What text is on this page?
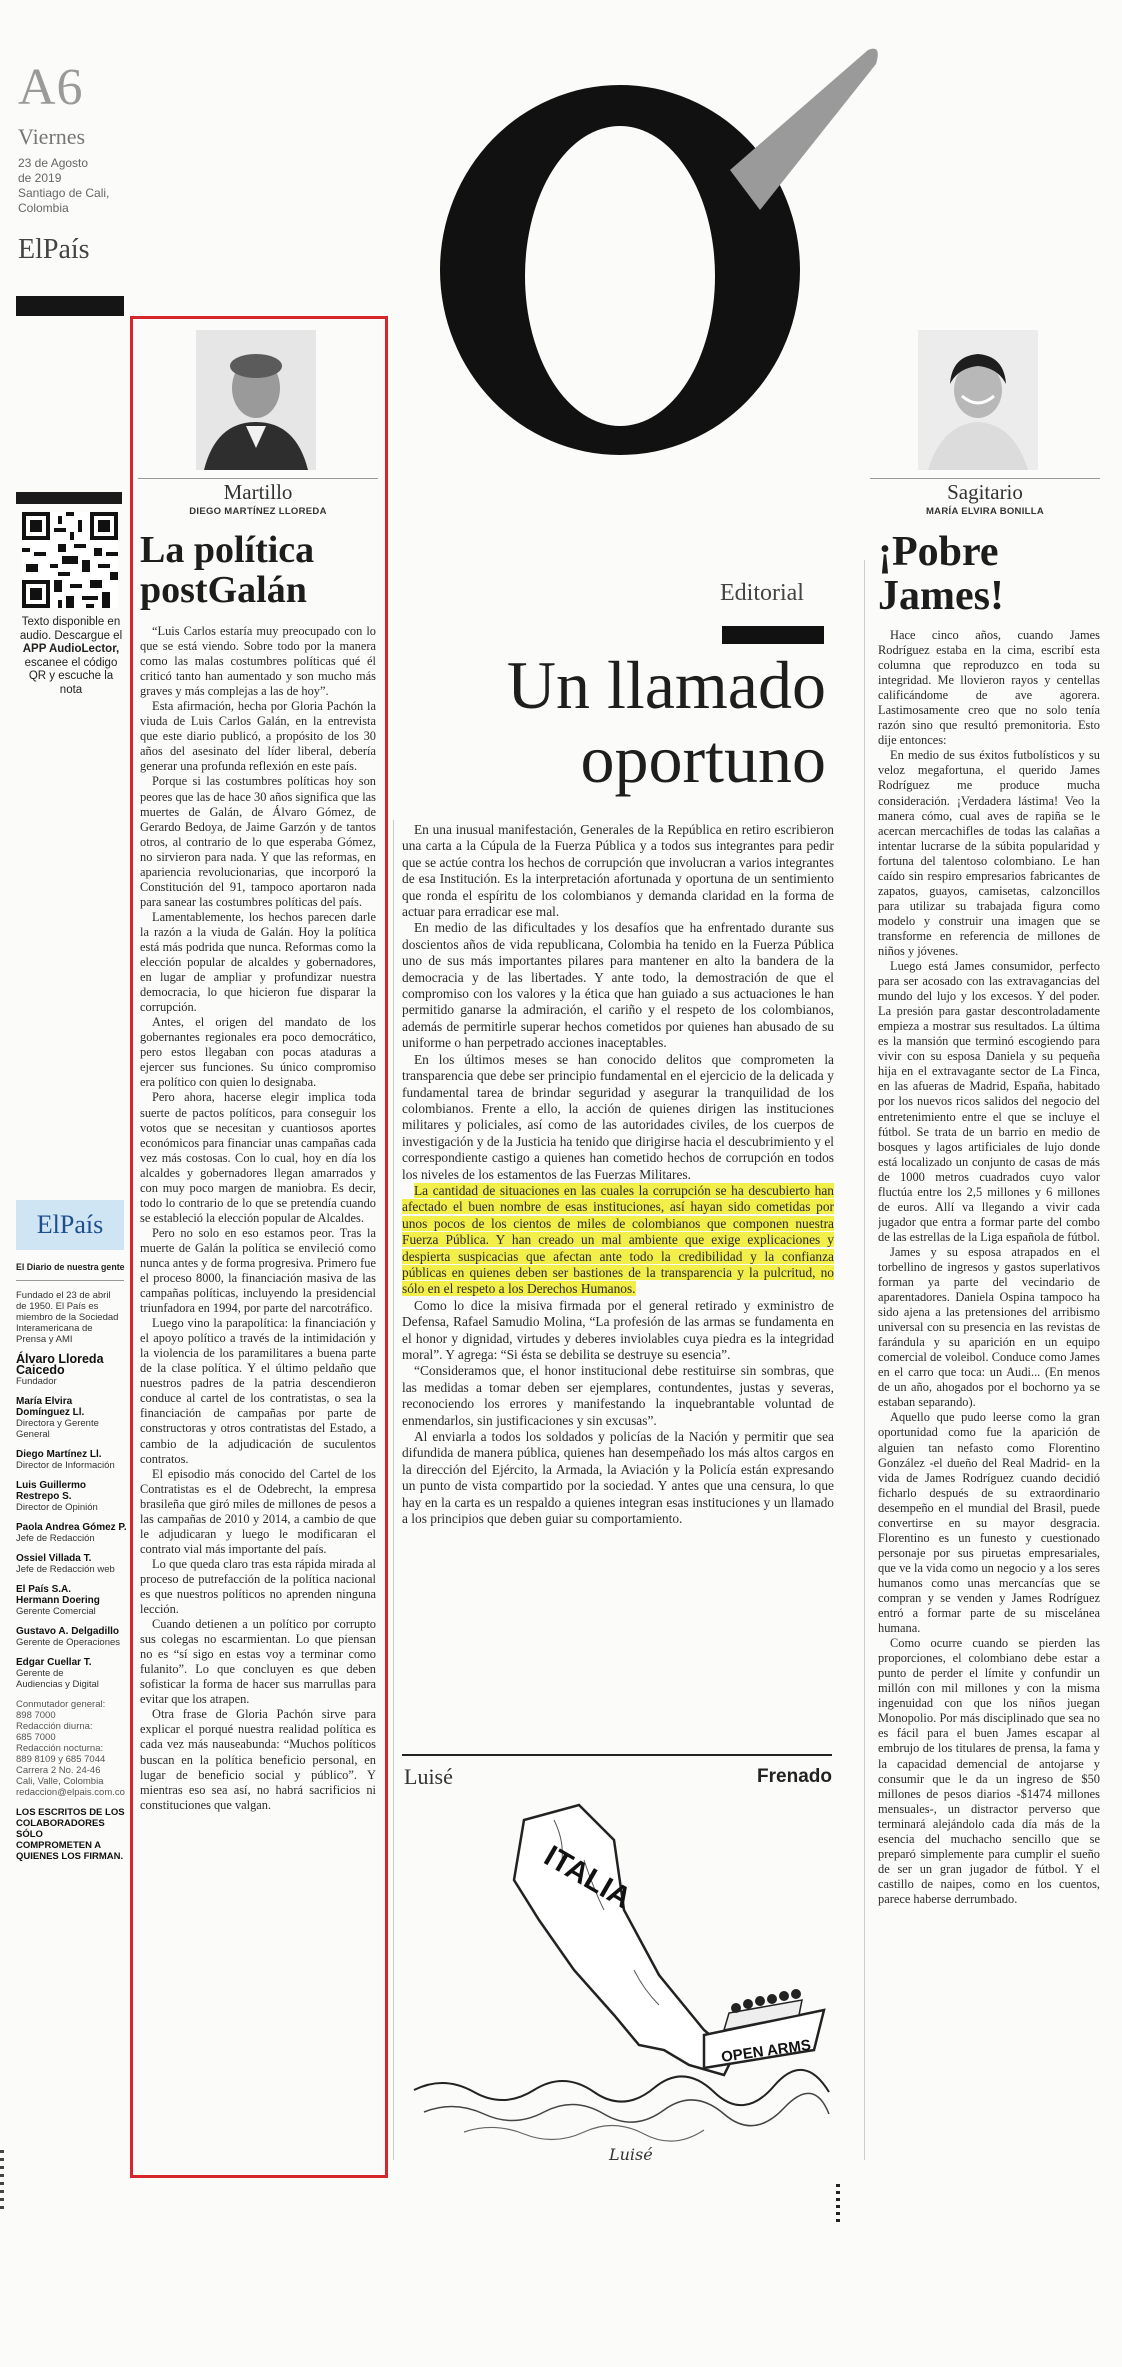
A6
Viernes
23 de Agosto
de 2019
Santiago de Cali,
Colombia
ElPaís
Texto disponible en
audio. Descargue el
APP AudioLector,
escanee el código
QR y escuche la
nota
ElPaís
El Diario de nuestra gente
Fundado el 23 de abril
de 1950. El País es
miembro de la Sociedad
Interamericana de
Prensa y AMI
Álvaro Lloreda
Caicedo
Fundador
María Elvira
Domínguez Ll.
Directora y Gerente
General
Diego Martínez Ll.
Director de Información
Luis Guillermo
Restrepo S.
Director de Opinión
Paola Andrea Gómez P.
Jefe de Redacción
Ossiel Villada T.
Jefe de Redacción web
El País S.A.
Hermann Doering
Gerente Comercial
Gustavo A. Delgadillo
Gerente de Operaciones
Edgar Cuellar T.
Gerente de
Audiencias y Digital
Conmutador general:
898 7000
Redacción diurna:
685 7000
Redacción nocturna:
889 8109 y 685 7044
Carrera 2 No. 24-46
Cali, Valle, Colombia
redaccion@elpais.com.co
LOS ESCRITOS DE LOS
COLABORADORES SÓLO
COMPROMETEN A
QUIENES LOS FIRMAN.
Martillo
DIEGO MARTÍNEZ LLOREDA
La política
postGalán

“Luis Carlos estaría muy preocupado con lo que se está viendo. Sobre todo por la manera como las malas costumbres políticas qué él criticó tanto han aumentado y son mucho más graves y más complejas a las de hoy”.

Esta afirmación, hecha por Gloria Pachón la viuda de Luis Carlos Galán, en la entrevista que este diario publicó, a propósito de los 30 años del asesinato del líder liberal, debería generar una profunda reflexión en este país.

Porque si las costumbres políticas hoy son peores que las de hace 30 años significa que las muertes de Galán, de Álvaro Gómez, de Gerardo Bedoya, de Jaime Garzón y de tantos otros, al contrario de lo que esperaba Gómez, no sirvieron para nada. Y que las reformas, en apariencia revolucionarias, que incorporó la Constitución del 91, tampoco aportaron nada para sanear las costumbres políticas del país.

Lamentablemente, los hechos parecen darle la razón a la viuda de Galán. Hoy la política está más podrida que nunca. Reformas como la elección popular de alcaldes y gobernadores, en lugar de ampliar y profundizar nuestra democracia, lo que hicieron fue disparar la corrupción.

Antes, el origen del mandato de los gobernantes regionales era poco democrático, pero estos llegaban con pocas ataduras a ejercer sus funciones. Su único compromiso era político con quien lo designaba.

Pero ahora, hacerse elegir implica toda suerte de pactos políticos, para conseguir los votos que se necesitan y cuantiosos aportes económicos para financiar unas campañas cada vez más costosas. Con lo cual, hoy en día los alcaldes y gobernadores llegan amarrados y con muy poco margen de maniobra. Es decir, todo lo contrario de lo que se pretendía cuando se estableció la elección popular de Alcaldes.

Pero no solo en eso estamos peor. Tras la muerte de Galán la política se envileció como nunca antes y de forma progresiva. Primero fue el proceso 8000, la financiación masiva de las campañas políticas, incluyendo la presidencial triunfadora en 1994, por parte del narcotráfico.

Luego vino la parapolítica: la financiación y el apoyo político a través de la intimidación y la violencia de los paramilitares a buena parte de la clase política. Y el último peldaño que nuestros padres de la patria descendieron conduce al cartel de los contratistas, o sea la financiación de campañas por parte de constructoras y otros contratistas del Estado, a cambio de la adjudicación de suculentos contratos.

El episodio más conocido del Cartel de los Contratistas es el de Odebrecht, la empresa brasileña que giró miles de millones de pesos a las campañas de 2010 y 2014, a cambio de que le adjudicaran y luego le modificaran el contrato vial más importante del país.

Lo que queda claro tras esta rápida mirada al proceso de putrefacción de la política nacional es que nuestros políticos no aprenden ninguna lección.

Cuando detienen a un político por corrupto sus colegas no escarmientan. Lo que piensan no es “sí sigo en estas voy a terminar como fulanito”. Lo que concluyen es que deben sofisticar la forma de hacer sus marrullas para evitar que los atrapen.

Otra frase de Gloria Pachón sirve para explicar el porqué nuestra realidad política es cada vez más nauseabunda: “Muchos políticos buscan en la política beneficio personal, en lugar de beneficio social y público”. Y mientras eso sea así, no habrá sacrificios ni constituciones que valgan.

Editorial
Un llamado
oportuno

En una inusual manifestación, Generales de la República en retiro escribieron una carta a la Cúpula de la Fuerza Pública y a todos sus integrantes para pedir que se actúe contra los hechos de corrupción que involucran a varios integrantes de esa Institución. Es la interpretación afortunada y oportuna de un sentimiento que ronda el espíritu de los colombianos y demanda claridad en la forma de actuar para erradicar ese mal.

En medio de las dificultades y los desafíos que ha enfrentado durante sus doscientos años de vida republicana, Colombia ha tenido en la Fuerza Pública uno de sus más importantes pilares para mantener en alto la bandera de la democracia y de las libertades. Y ante todo, la demostración de que el compromiso con los valores y la ética que han guiado a sus actuaciones le han permitido ganarse la admiración, el cariño y el respeto de los colombianos, además de permitirle superar hechos cometidos por quienes han abusado de su uniforme o han perpetrado acciones inaceptables.

En los últimos meses se han conocido delitos que comprometen la transparencia que debe ser principio fundamental en el ejercicio de la delicada y fundamental tarea de brindar seguridad y asegurar la tranquilidad de los colombianos. Frente a ello, la acción de quienes dirigen las instituciones militares y policiales, así como de las autoridades civiles, de los cuerpos de investigación y de la Justicia ha tenido que dirigirse hacia el descubrimiento y el correspondiente castigo a quienes han cometido hechos de corrupción en todos los niveles de los estamentos de las Fuerzas Militares.

La cantidad de situaciones en las cuales la corrupción se ha descubierto han afectado el buen nombre de esas instituciones, así hayan sido cometidas por unos pocos de los cientos de miles de colombianos que componen nuestra Fuerza Pública. Y han creado un mal ambiente que exige explicaciones y despierta suspicacias que afectan ante todo la credibilidad y la confianza públicas en quienes deben ser bastiones de la transparencia y la pulcritud, no sólo en el respeto a los Derechos Humanos.

Como lo dice la misiva firmada por el general retirado y exministro de Defensa, Rafael Samudio Molina, “La profesión de las armas se fundamenta en el honor y dignidad, virtudes y deberes inviolables cuya piedra es la integridad moral”. Y agrega: “Si ésta se debilita se destruye su esencia”.

“Consideramos que, el honor institucional debe restituirse sin sombras, que las medidas a tomar deben ser ejemplares, contundentes, justas y severas, reconociendo los errores y manifestando la inquebrantable voluntad de enmendarlos, sin justificaciones y sin excusas”.

Al enviarla a todos los soldados y policías de la Nación y permitir que sea difundida de manera pública, quienes han desempeñado los más altos cargos en la dirección del Ejército, la Armada, la Aviación y la Policía están expresando un punto de vista compartido por la sociedad. Y antes que una censura, lo que hay en la carta es un respaldo a quienes integran esas instituciones y un llamado a los principios que deben guiar su comportamiento.

Luisé	Frenado
ITALIA
OPEN ARMS
Luisé
Sagitario
MARÍA ELVIRA BONILLA
¡Pobre
James!

Hace cinco años, cuando James Rodríguez estaba en la cima, escribí esta columna que reproduzco en toda su integridad. Me llovieron rayos y centellas calificándome de ave agorera. Lastimosamente creo que no solo tenía razón sino que resultó premonitoria. Esto dije entonces:

En medio de sus éxitos futbolísticos y su veloz megafortuna, el querido James Rodríguez me produce mucha consideración. ¡Verdadera lástima! Veo la manera cómo, cual aves de rapiña se le acercan mercachifles de todas las calañas a intentar lucrarse de la súbita popularidad y fortuna del talentoso colombiano. Le han caído sin respiro empresarios fabricantes de zapatos, guayos, camisetas, calzoncillos para utilizar su trabajada figura como modelo y construir una imagen que se transforme en referencia de millones de niños y jóvenes.

Luego está James consumidor, perfecto para ser acosado con las extravagancias del mundo del lujo y los excesos. Y del poder. La presión para gastar descontroladamente empieza a mostrar sus resultados. La última es la mansión que terminó escogiendo para vivir con su esposa Daniela y su pequeña hija en el extravagante sector de La Finca, en las afueras de Madrid, España, habitado por los nuevos ricos salidos del negocio del entretenimiento entre el que se incluye el fútbol. Se trata de un barrio en medio de bosques y lagos artificiales de lujo donde está localizado un conjunto de casas de más de 1000 metros cuadrados cuyo valor fluctúa entre los 2,5 millones y 6 millones de euros. Allí va llegando a vivir cada jugador que entra a formar parte del combo de las estrellas de la Liga española de fútbol.

James y su esposa atrapados en el torbellino de ingresos y gastos superlativos forman ya parte del vecindario de aparentadores. Daniela Ospina tampoco ha sido ajena a las pretensiones del arribismo universal con su presencia en las revistas de farándula y su aparición en un equipo comercial de voleibol. Conduce como James en el carro que toca: un Audi... (En menos de un año, ahogados por el bochorno ya se estaban separando).

Aquello que pudo leerse como la gran oportunidad como fue la aparición de alguien tan nefasto como Florentino González -el dueño del Real Madrid- en la vida de James Rodríguez cuando decidió ficharlo después de su extraordinario desempeño en el mundial del Brasil, puede convertirse en su mayor desgracia. Florentino es un funesto y cuestionado personaje por sus piruetas empresariales, que ve la vida como un negocio y a los seres humanos como unas mercancías que se compran y se venden y James Rodríguez entró a formar parte de su miscelánea humana.

Como ocurre cuando se pierden las proporciones, el colombiano debe estar a punto de perder el límite y confundir un millón con mil millones y con la misma ingenuidad con que los niños juegan Monopolio. Por más disciplinado que sea no es fácil para el buen James escapar al embrujo de los titulares de prensa, la fama y la capacidad demencial de antojarse y consumir que le da un ingreso de $50 millones de pesos diarios -$1474 millones mensuales-, un distractor perverso que terminará alejándolo cada día más de la esencia del muchacho sencillo que se preparó simplemente para cumplir el sueño de ser un gran jugador de fútbol. Y el castillo de naipes, como en los cuentos, parece haberse derrumbado.
